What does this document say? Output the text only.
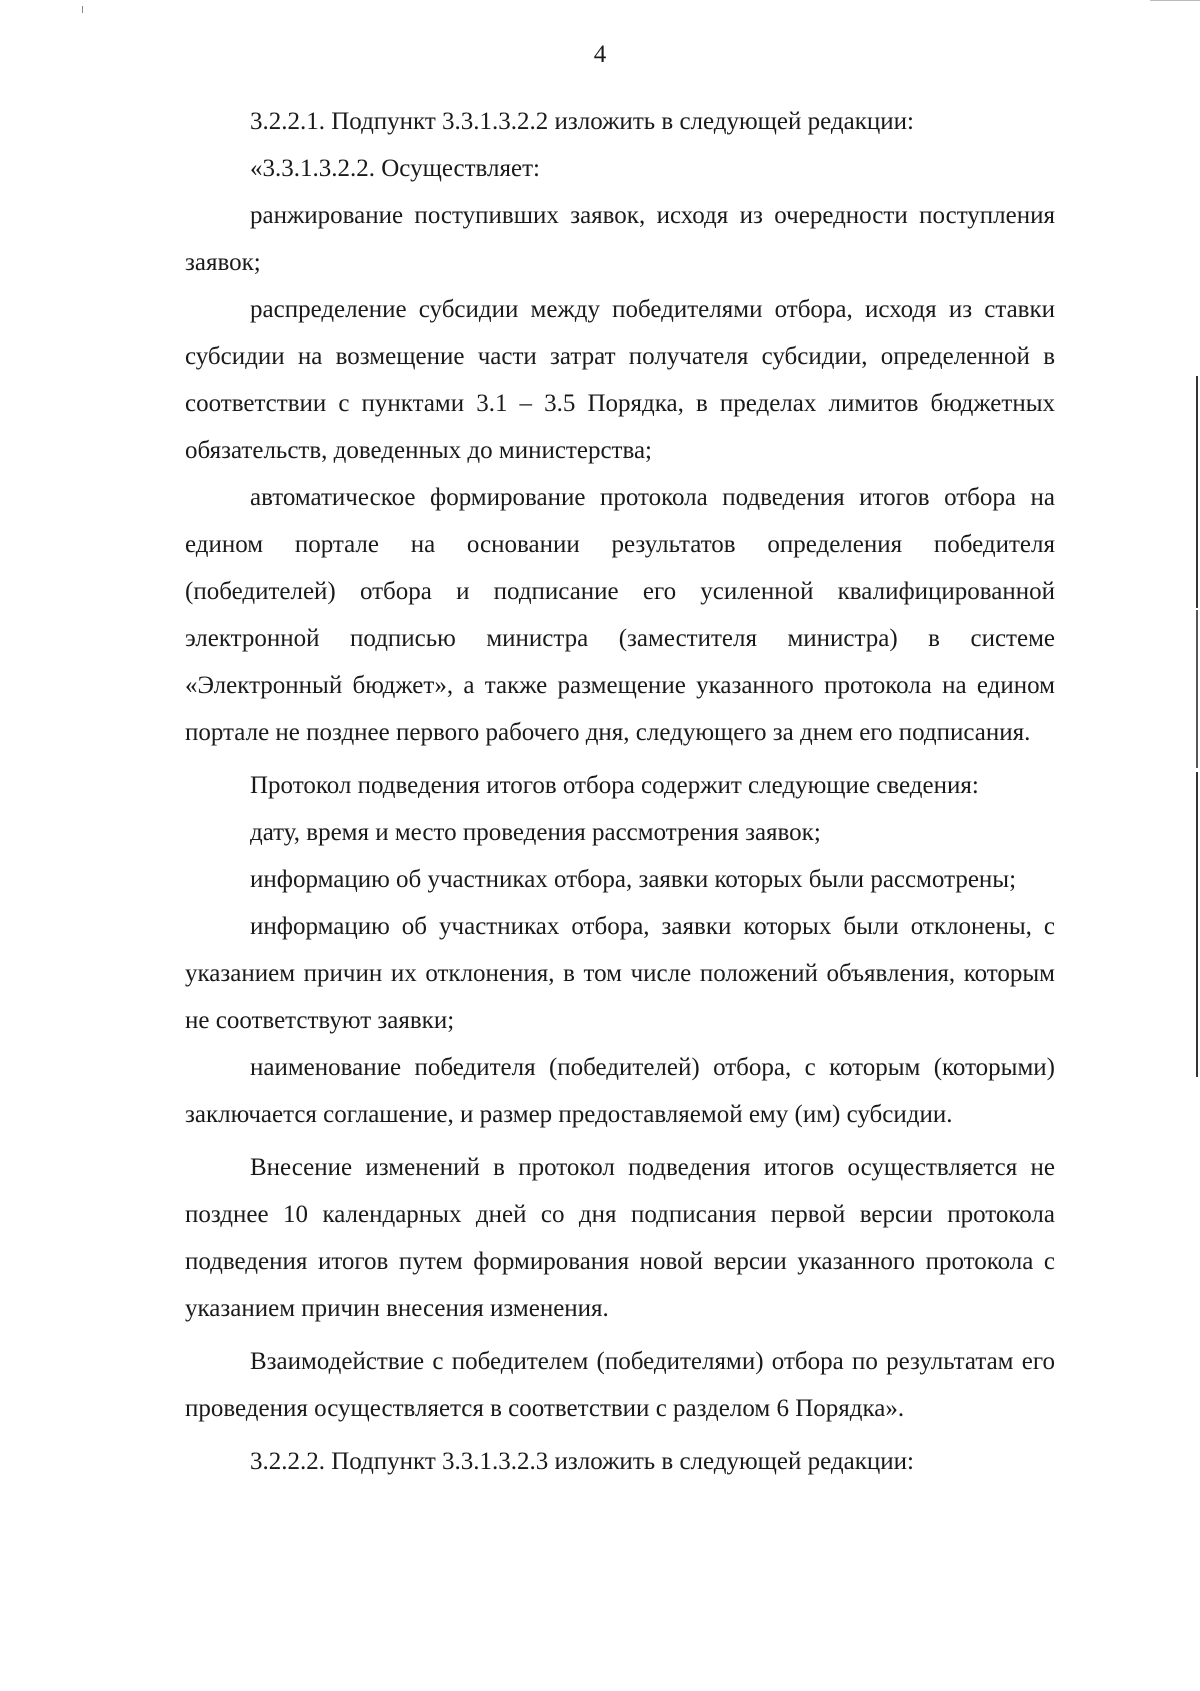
4

3.2.2.1. Подпункт 3.3.1.3.2.2 изложить в следующей редакции:

«3.3.1.3.2.2. Осуществляет:

ранжирование поступивших заявок, исходя из очередности поступления заявок;

распределение субсидии между победителями отбора, исходя из ставки субсидии на возмещение части затрат получателя субсидии, определенной в соответствии с пунктами 3.1 – 3.5 Порядка, в пределах лимитов бюджетных обязательств, доведенных до министерства;

автоматическое формирование протокола подведения итогов отбора на едином портале на основании результатов определения победителя (победителей) отбора и подписание его усиленной квалифицированной электронной подписью министра (заместителя министра) в системе «Электронный бюджет», а также размещение указанного протокола на едином портале не позднее первого рабочего дня, следующего за днем его подписания.

Протокол подведения итогов отбора содержит следующие сведения:

дату, время и место проведения рассмотрения заявок;

информацию об участниках отбора, заявки которых были рассмотрены;

информацию об участниках отбора, заявки которых были отклонены, с указанием причин их отклонения, в том числе положений объявления, которым не соответствуют заявки;

наименование победителя (победителей) отбора, с которым (которыми) заключается соглашение, и размер предоставляемой ему (им) субсидии.

Внесение изменений в протокол подведения итогов осуществляется не позднее 10 календарных дней со дня подписания первой версии протокола подведения итогов путем формирования новой версии указанного протокола с указанием причин внесения изменения.

Взаимодействие с победителем (победителями) отбора по результатам его проведения осуществляется в соответствии с разделом 6 Порядка».

3.2.2.2. Подпункт 3.3.1.3.2.3 изложить в следующей редакции:
